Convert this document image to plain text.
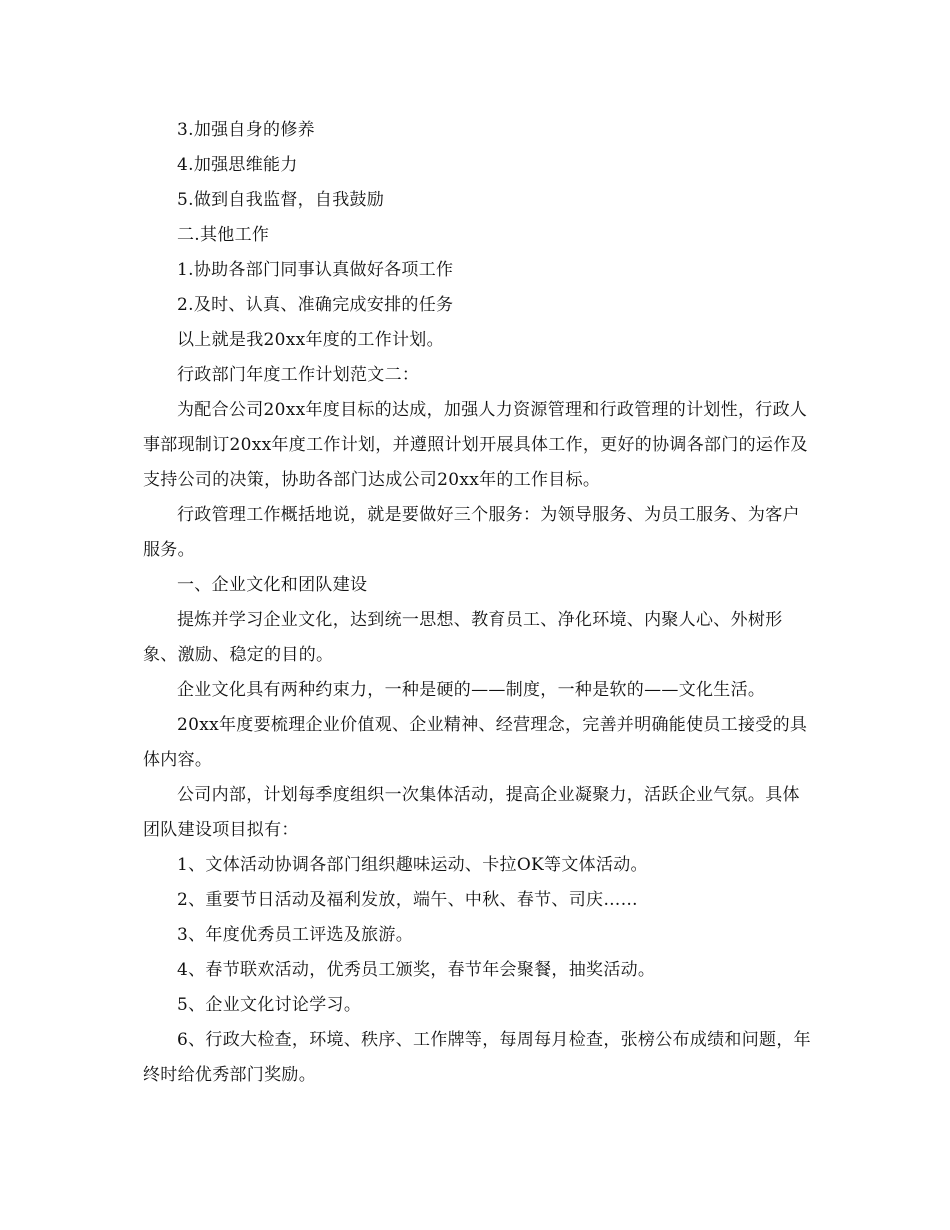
3.加强自身的修养

4.加强思维能力

5.做到自我监督，自我鼓励

二.其他工作

1.协助各部门同事认真做好各项工作

2.及时、认真、准确完成安排的任务

以上就是我20xx年度的工作计划。

行政部门年度工作计划范文二：

为配合公司20xx年度目标的达成，加强人力资源管理和行政管理的计划性，行政人事部现制订20xx年度工作计划，并遵照计划开展具体工作，更好的协调各部门的运作及支持公司的决策，协助各部门达成公司20xx年的工作目标。

行政管理工作概括地说，就是要做好三个服务：为领导服务、为员工服务、为客户服务。

一、企业文化和团队建设

提炼并学习企业文化，达到统一思想、教育员工、净化环境、内聚人心、外树形象、激励、稳定的目的。

企业文化具有两种约束力，一种是硬的——制度，一种是软的——文化生活。

20xx年度要梳理企业价值观、企业精神、经营理念，完善并明确能使员工接受的具体内容。

公司内部，计划每季度组织一次集体活动，提高企业凝聚力，活跃企业气氛。具体团队建设项目拟有：

1、文体活动协调各部门组织趣味运动、卡拉OK等文体活动。

2、重要节日活动及福利发放，端午、中秋、春节、司庆……

3、年度优秀员工评选及旅游。

4、春节联欢活动，优秀员工颁奖，春节年会聚餐，抽奖活动。

5、企业文化讨论学习。

6、行政大检查，环境、秩序、工作牌等，每周每月检查，张榜公布成绩和问题，年终时给优秀部门奖励。
